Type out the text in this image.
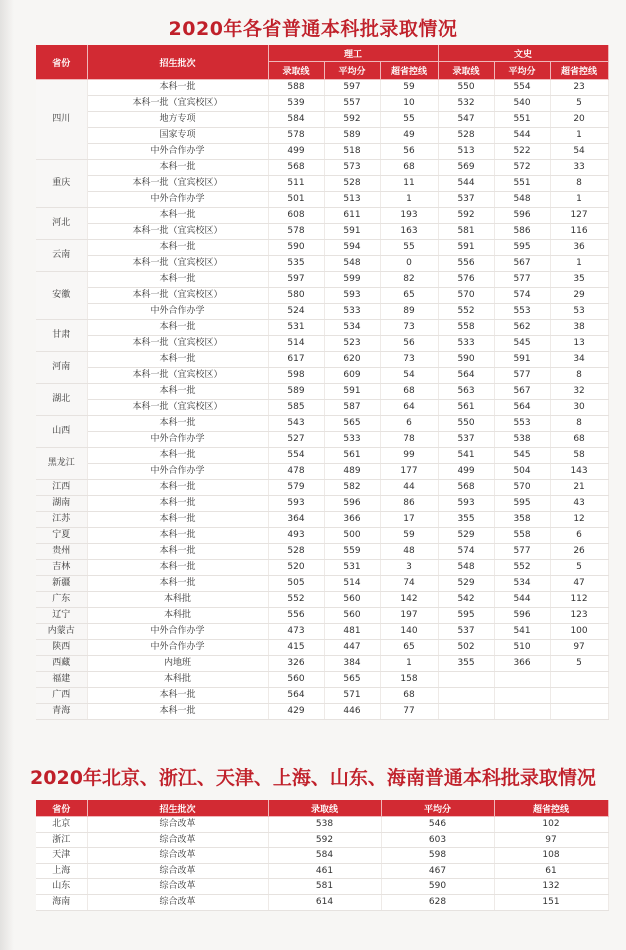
2020年各省普通本科批录取情况
省份	招生批次	理工			文史		
		录取线	平均分	超省控线	录取线	平均分	超省控线
四川	本科一批	588	597	59	550	554	23
	本科一批（宜宾校区）	539	557	10	532	540	5
	地方专项	584	592	55	547	551	20
	国家专项	578	589	49	528	544	1
	中外合作办学	499	518	56	513	522	54
重庆	本科一批	568	573	68	569	572	33
	本科一批（宜宾校区）	511	528	11	544	551	8
	中外合作办学	501	513	1	537	548	1
河北	本科一批	608	611	193	592	596	127
	本科一批（宜宾校区）	578	591	163	581	586	116
云南	本科一批	590	594	55	591	595	36
	本科一批（宜宾校区）	535	548	0	556	567	1
安徽	本科一批	597	599	82	576	577	35
	本科一批（宜宾校区）	580	593	65	570	574	29
	中外合作办学	524	533	89	552	553	53
甘肃	本科一批	531	534	73	558	562	38
	本科一批（宜宾校区）	514	523	56	533	545	13
河南	本科一批	617	620	73	590	591	34
	本科一批（宜宾校区）	598	609	54	564	577	8
湖北	本科一批	589	591	68	563	567	32
	本科一批（宜宾校区）	585	587	64	561	564	30
山西	本科一批	543	565	6	550	553	8
	中外合作办学	527	533	78	537	538	68
黑龙江	本科一批	554	561	99	541	545	58
	中外合作办学	478	489	177	499	504	143
江西	本科一批	579	582	44	568	570	21
湖南	本科一批	593	596	86	593	595	43
江苏	本科一批	364	366	17	355	358	12
宁夏	本科一批	493	500	59	529	558	6
贵州	本科一批	528	559	48	574	577	26
吉林	本科一批	520	531	3	548	552	5
新疆	本科一批	505	514	74	529	534	47
广东	本科批	552	560	142	542	544	112
辽宁	本科批	556	560	197	595	596	123
内蒙古	中外合作办学	473	481	140	537	541	100
陕西	中外合作办学	415	447	65	502	510	97
西藏	内地班	326	384	1	355	366	5
福建	本科批	560	565	158			
广西	本科一批	564	571	68			
青海	本科一批	429	446	77			
2020年北京、浙江、天津、上海、山东、海南普通本科批录取情况
省份	招生批次	录取线	平均分	超省控线
北京	综合改革	538	546	102
浙江	综合改革	592	603	97
天津	综合改革	584	598	108
上海	综合改革	461	467	61
山东	综合改革	581	590	132
海南	综合改革	614	628	151
